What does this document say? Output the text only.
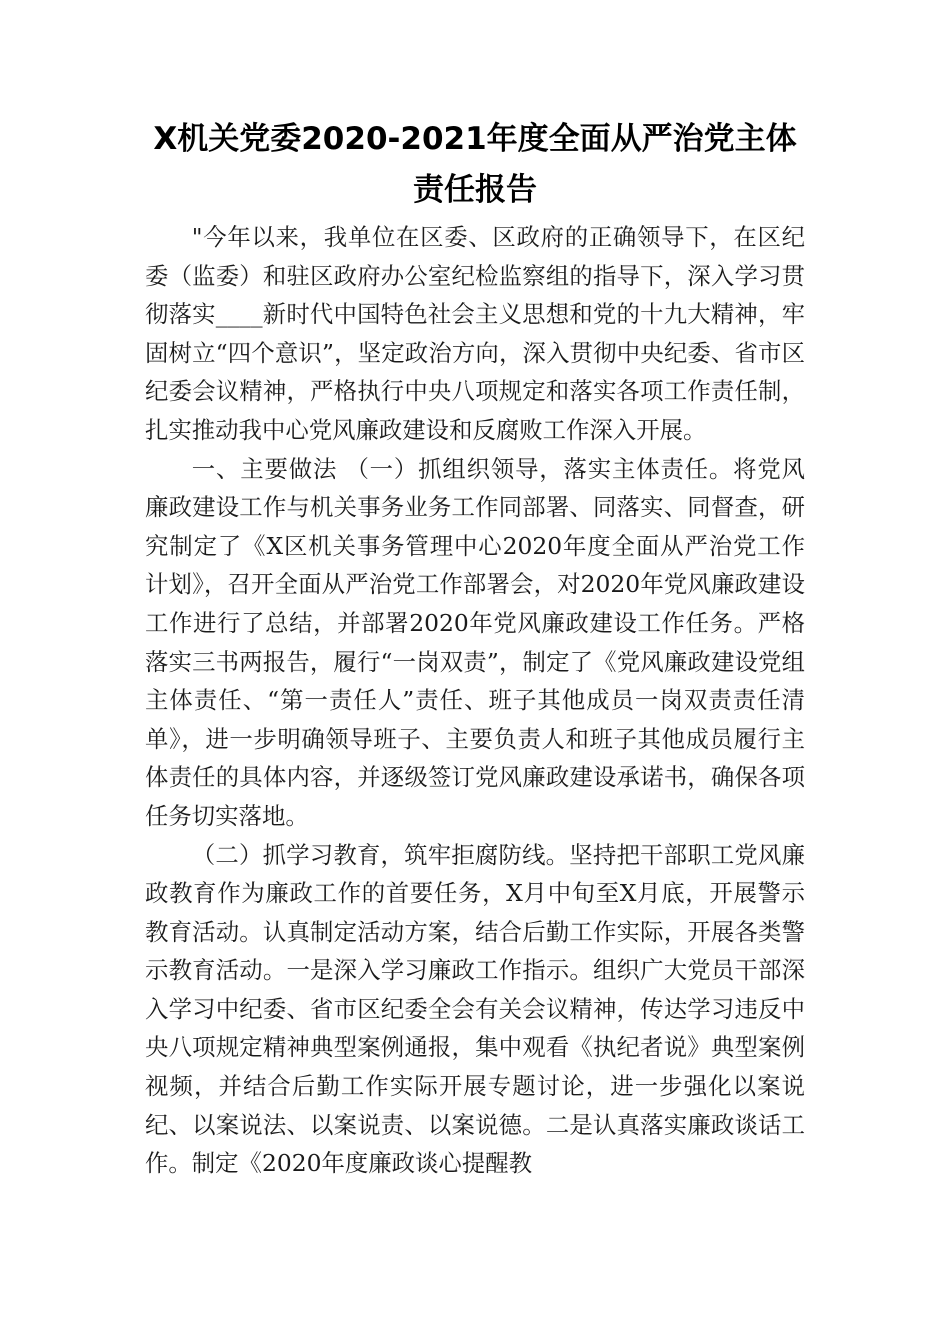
X机关党委2020-2021年度全面从严治党主体责任报告

"今年以来，我单位在区委、区政府的正确领导下，在区纪委（监委）和驻区政府办公室纪检监察组的指导下，深入学习贯彻落实____新时代中国特色社会主义思想和党的十九大精神，牢固树立“四个意识”，坚定政治方向，深入贯彻中央纪委、省市区纪委会议精神，严格执行中央八项规定和落实各项工作责任制，扎实推动我中心党风廉政建设和反腐败工作深入开展。

一、主要做法 （一）抓组织领导，落实主体责任。将党风廉政建设工作与机关事务业务工作同部署、同落实、同督查，研究制定了《X区机关事务管理中心2020年度全面从严治党工作计划》，召开全面从严治党工作部署会，对2020年党风廉政建设工作进行了总结，并部署2020年党风廉政建设工作任务。严格落实三书两报告，履行“一岗双责”，制定了《党风廉政建设党组主体责任、“第一责任人”责任、班子其他成员一岗双责责任清单》，进一步明确领导班子、主要负责人和班子其他成员履行主体责任的具体内容，并逐级签订党风廉政建设承诺书，确保各项任务切实落地。

（二）抓学习教育，筑牢拒腐防线。坚持把干部职工党风廉政教育作为廉政工作的首要任务，X月中旬至X月底，开展警示教育活动。认真制定活动方案，结合后勤工作实际，开展各类警示教育活动。一是深入学习廉政工作指示。组织广大党员干部深入学习中纪委、省市区纪委全会有关会议精神，传达学习违反中央八项规定精神典型案例通报，集中观看《执纪者说》典型案例视频，并结合后勤工作实际开展专题讨论，进一步强化以案说纪、以案说法、以案说责、以案说德。二是认真落实廉政谈话工作。制定《2020年度廉政谈心提醒教
